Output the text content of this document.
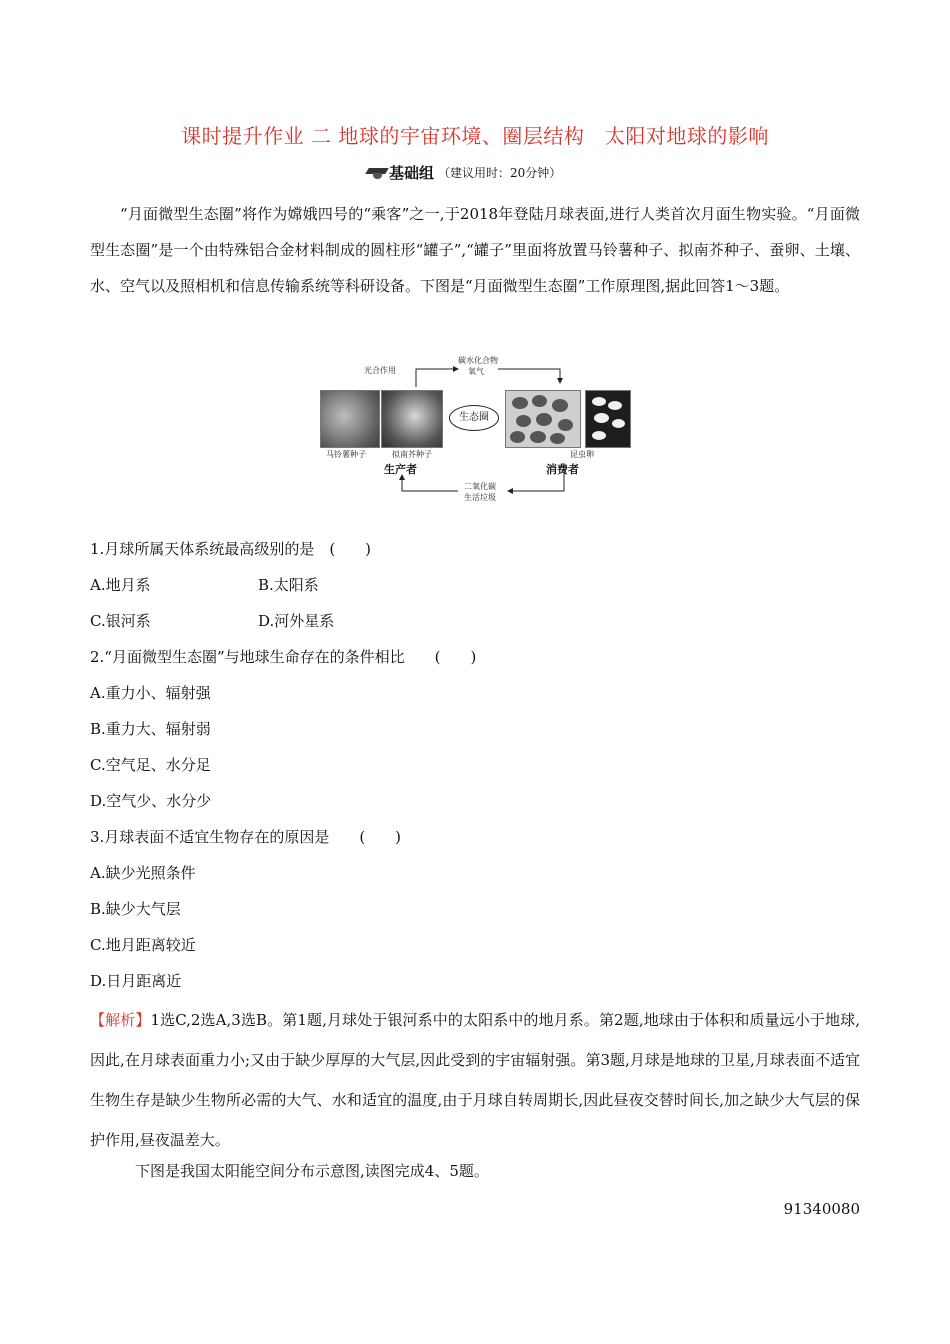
课时提升作业 二 地球的宇宙环境、圈层结构　太阳对地球的影响
基础组 （建议用时：20分钟）
“月面微型生态圈”将作为嫦娥四号的“乘客”之一,于2018年登陆月球表面,进行人类首次月面生物实验。“月面微型生态圈”是一个由特殊铝合金材料制成的圆柱形“罐子”,“罐子”里面将放置马铃薯种子、拟南芥种子、蚕卵、土壤、水、空气以及照相机和信息传输系统等科研设备。下图是“月面微型生态圈”工作原理图,据此回答1～3题。
光合作用
碳水化合物
氧气
生态圈
马铃薯种子	拟南芥种子	昆虫卵
生产者	消费者
二氧化碳
生活垃圾
1.月球所属天体系统最高级别的是　(　　)
A.地月系	B.太阳系
C.银河系	D.河外星系
2.“月面微型生态圈”与地球生命存在的条件相比　　(　　)
A.重力小、辐射强
B.重力大、辐射弱
C.空气足、水分足
D.空气少、水分少
3.月球表面不适宜生物存在的原因是　　(　　)
A.缺少光照条件
B.缺少大气层
C.地月距离较近
D.日月距离近
【解析】1选C,2选A,3选B。第1题,月球处于银河系中的太阳系中的地月系。第2题,地球由于体积和质量远小于地球,因此,在月球表面重力小;又由于缺少厚厚的大气层,因此受到的宇宙辐射强。第3题,月球是地球的卫星,月球表面不适宜生物生存是缺少生物所必需的大气、水和适宜的温度,由于月球自转周期长,因此昼夜交替时间长,加之缺少大气层的保护作用,昼夜温差大。
下图是我国太阳能空间分布示意图,读图完成4、5题。
91340080
